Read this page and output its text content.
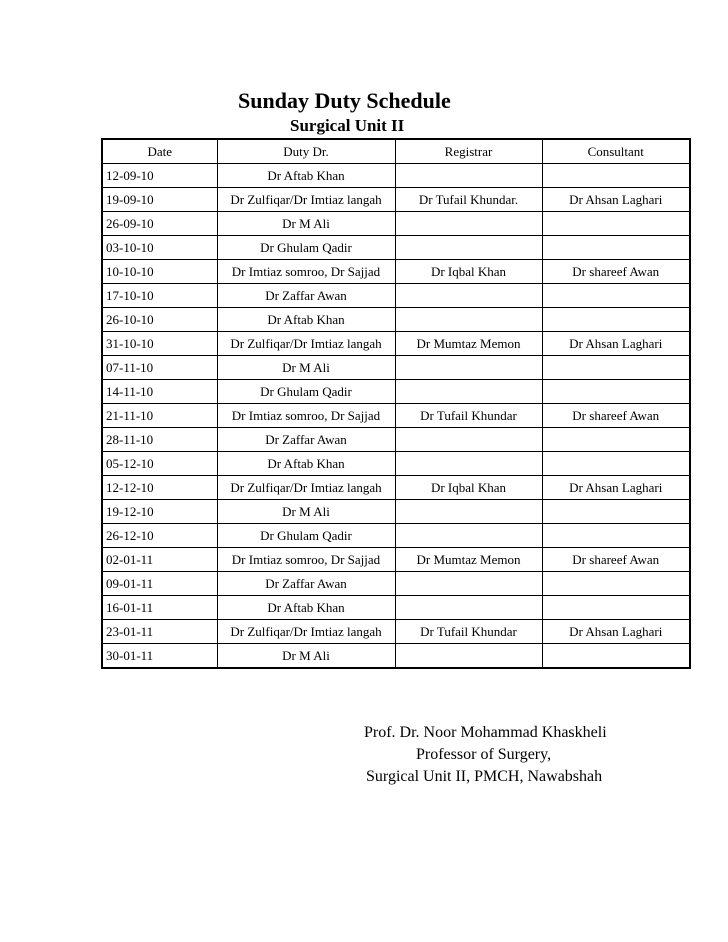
Sunday Duty Schedule
Surgical Unit II
Date	Duty Dr.	Registrar	Consultant
12-09-10	Dr Aftab Khan		
19-09-10	Dr Zulfiqar/Dr Imtiaz langah	Dr Tufail Khundar.	Dr Ahsan Laghari
26-09-10	Dr M Ali		
03-10-10	Dr Ghulam Qadir		
10-10-10	Dr Imtiaz somroo, Dr Sajjad	Dr Iqbal Khan	Dr shareef Awan
17-10-10	Dr Zaffar Awan		
26-10-10	Dr Aftab Khan		
31-10-10	Dr Zulfiqar/Dr Imtiaz langah	Dr Mumtaz Memon	Dr Ahsan Laghari
07-11-10	Dr M Ali		
14-11-10	Dr Ghulam Qadir		
21-11-10	Dr Imtiaz somroo, Dr Sajjad	Dr Tufail Khundar	Dr shareef Awan
28-11-10	Dr Zaffar Awan		
05-12-10	Dr Aftab Khan		
12-12-10	Dr Zulfiqar/Dr Imtiaz langah	Dr Iqbal Khan	Dr Ahsan Laghari
19-12-10	Dr M Ali		
26-12-10	Dr Ghulam Qadir		
02-01-11	Dr Imtiaz somroo, Dr Sajjad	Dr Mumtaz Memon	Dr shareef Awan
09-01-11	Dr Zaffar Awan		
16-01-11	Dr Aftab Khan		
23-01-11	Dr Zulfiqar/Dr Imtiaz langah	Dr Tufail Khundar	Dr Ahsan Laghari
30-01-11	Dr M Ali		
Prof. Dr. Noor Mohammad Khaskheli
Professor of Surgery,
Surgical Unit II, PMCH, Nawabshah
